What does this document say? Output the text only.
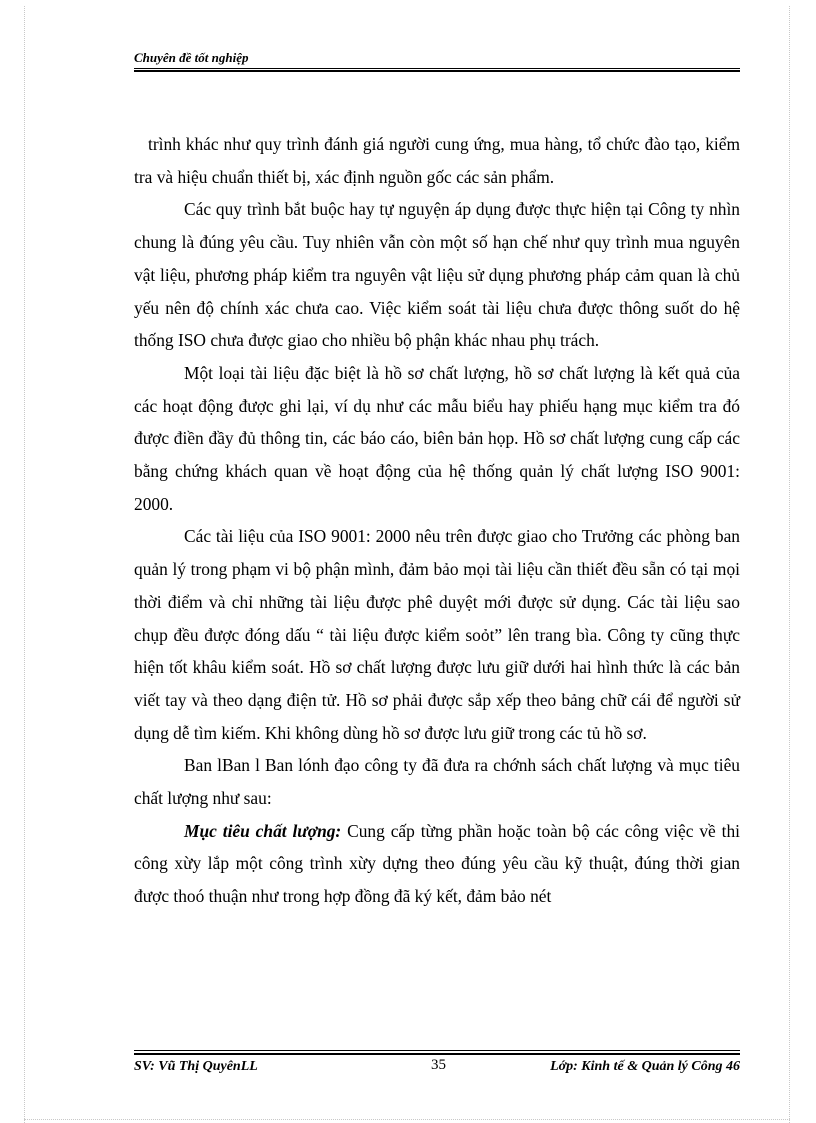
Chuyên đề tốt nghiệp

trình khác như quy trình đánh giá người cung ứng, mua hàng, tổ chức đào tạo, kiểm tra và hiệu chuẩn thiết bị, xác định nguồn gốc các sản phẩm.

Các quy trình bắt buộc hay tự nguyện áp dụng được thực hiện tại Công ty nhìn chung là đúng yêu cầu. Tuy nhiên vẫn còn một số hạn chế như quy trình mua nguyên vật liệu, phương pháp kiểm tra nguyên vật liệu sử dụng phương pháp cảm quan là chủ yếu nên độ chính xác chưa cao. Việc kiểm soát tài liệu chưa được thông suốt do hệ thống ISO chưa được giao cho nhiều bộ phận khác nhau phụ trách.

Một loại tài liệu đặc biệt là hồ sơ chất lượng, hồ sơ chất lượng là kết quả của các hoạt động được ghi lại, ví dụ như các mẫu biểu hay phiếu hạng mục kiểm tra đó được điền đầy đủ thông tin, các báo cáo, biên bản họp. Hồ sơ chất lượng cung cấp các bằng chứng khách quan về hoạt động của hệ thống quản lý chất lượng ISO 9001: 2000.

Các tài liệu của ISO 9001: 2000 nêu trên được giao cho Trưởng các phòng ban quản lý trong phạm vi bộ phận mình, đảm bảo mọi tài liệu cần thiết đều sẵn có tại mọi thời điểm và chỉ những tài liệu được phê duyệt mới được sử dụng. Các tài liệu sao chụp đều được đóng dấu “ tài liệu được kiểm soỏt” lên trang bìa. Công ty cũng thực hiện tốt khâu kiểm soát. Hồ sơ chất lượng được lưu giữ dưới hai hình thức là các bản viết tay và theo dạng điện tử. Hồ sơ phải được sắp xếp theo bảng chữ cái để người sử dụng dễ tìm kiếm. Khi không dùng hồ sơ được lưu giữ trong các tủ hồ sơ.

Ban lBan l Ban lónh đạo công ty đã đưa ra chớnh sách chất lượng và mục tiêu chất lượng như sau:

Mục tiêu chất lượng: Cung cấp từng phần hoặc toàn bộ các công việc về thi công xừy lắp một công trình xừy dựng theo đúng yêu cầu kỹ thuật, đúng thời gian được thoó thuận như trong hợp đồng đã ký kết, đảm bảo nét

SV: Vũ Thị QuyênLL	35	Lớp: Kinh tế & Quản lý Công 46
